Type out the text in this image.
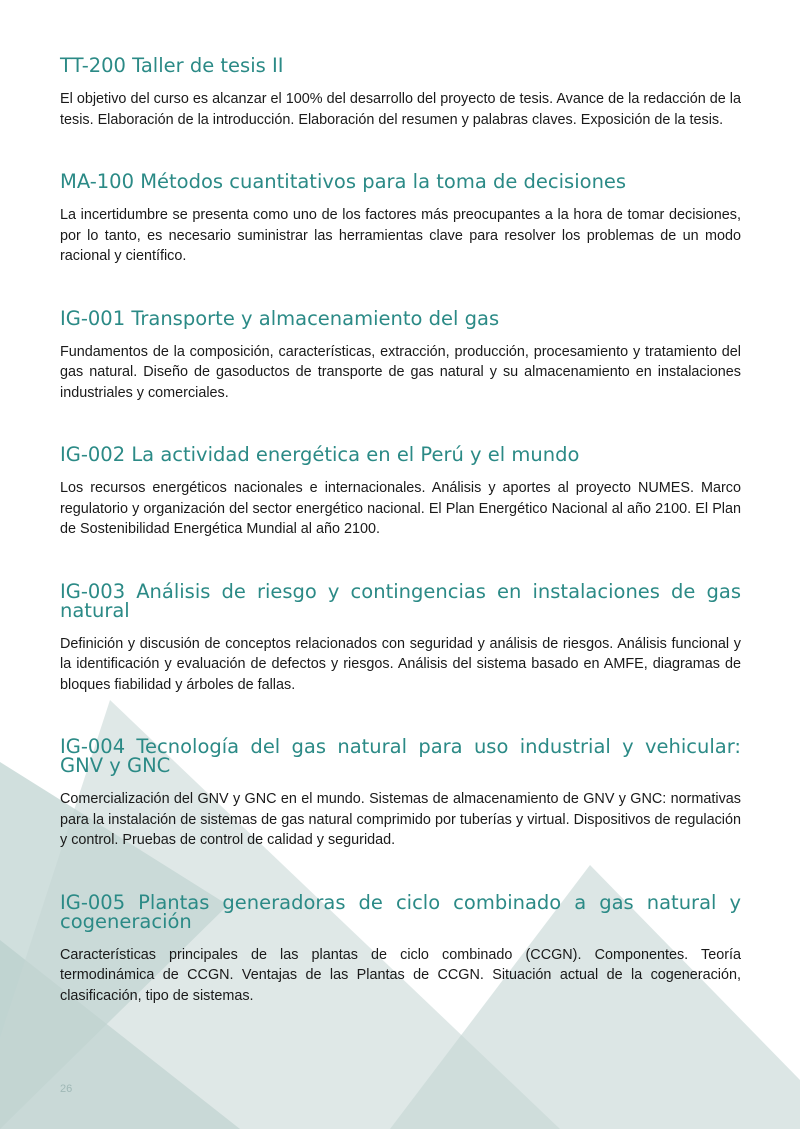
TT-200 Taller de tesis II

El objetivo del curso es alcanzar el 100% del desarrollo del proyecto de tesis. Avance de la redacción de la tesis. Elaboración de la introducción. Elaboración del resumen y palabras claves. Exposición de la tesis.

MA-100 Métodos cuantitativos para la toma de decisiones

La incertidumbre se presenta como uno de los factores más preocupantes a la hora de tomar decisiones, por lo tanto, es necesario suministrar las herramientas clave para resolver los problemas de un modo racional y científico.

IG-001 Transporte y almacenamiento del gas

Fundamentos de la composición, características, extracción, producción, procesamiento y tratamiento del gas natural. Diseño de gasoductos de transporte de gas natural y su almacenamiento en instalaciones industriales y comerciales.

IG-002 La actividad energética en el Perú y el mundo

Los recursos energéticos nacionales e internacionales. Análisis y aportes al proyecto NUMES. Marco regulatorio y organización del sector energético nacional. El Plan Energético Nacional al año 2100. El Plan de Sostenibilidad Energética Mundial al año 2100.

IG-003 Análisis de riesgo y contingencias en instalaciones de gas natural

Definición y discusión de conceptos relacionados con seguridad y análisis de riesgos. Análisis funcional y la identificación y evaluación de defectos y riesgos. Análisis del sistema basado en AMFE, diagramas de bloques fiabilidad y árboles de fallas.

IG-004 Tecnología del gas natural para uso industrial y vehicular: GNV y GNC

Comercialización del GNV y GNC en el mundo. Sistemas de almacenamiento de GNV y GNC: normativas para la instalación de sistemas de gas natural comprimido por tuberías y virtual. Dispositivos de regulación y control. Pruebas de control de calidad y seguridad.

IG-005 Plantas generadoras de ciclo combinado a gas natural y cogeneración

Características principales de las plantas de ciclo combinado (CCGN). Componentes. Teoría termodinámica de CCGN. Ventajas de las Plantas de CCGN. Situación actual de la cogeneración, clasificación, tipo de sistemas.

26
